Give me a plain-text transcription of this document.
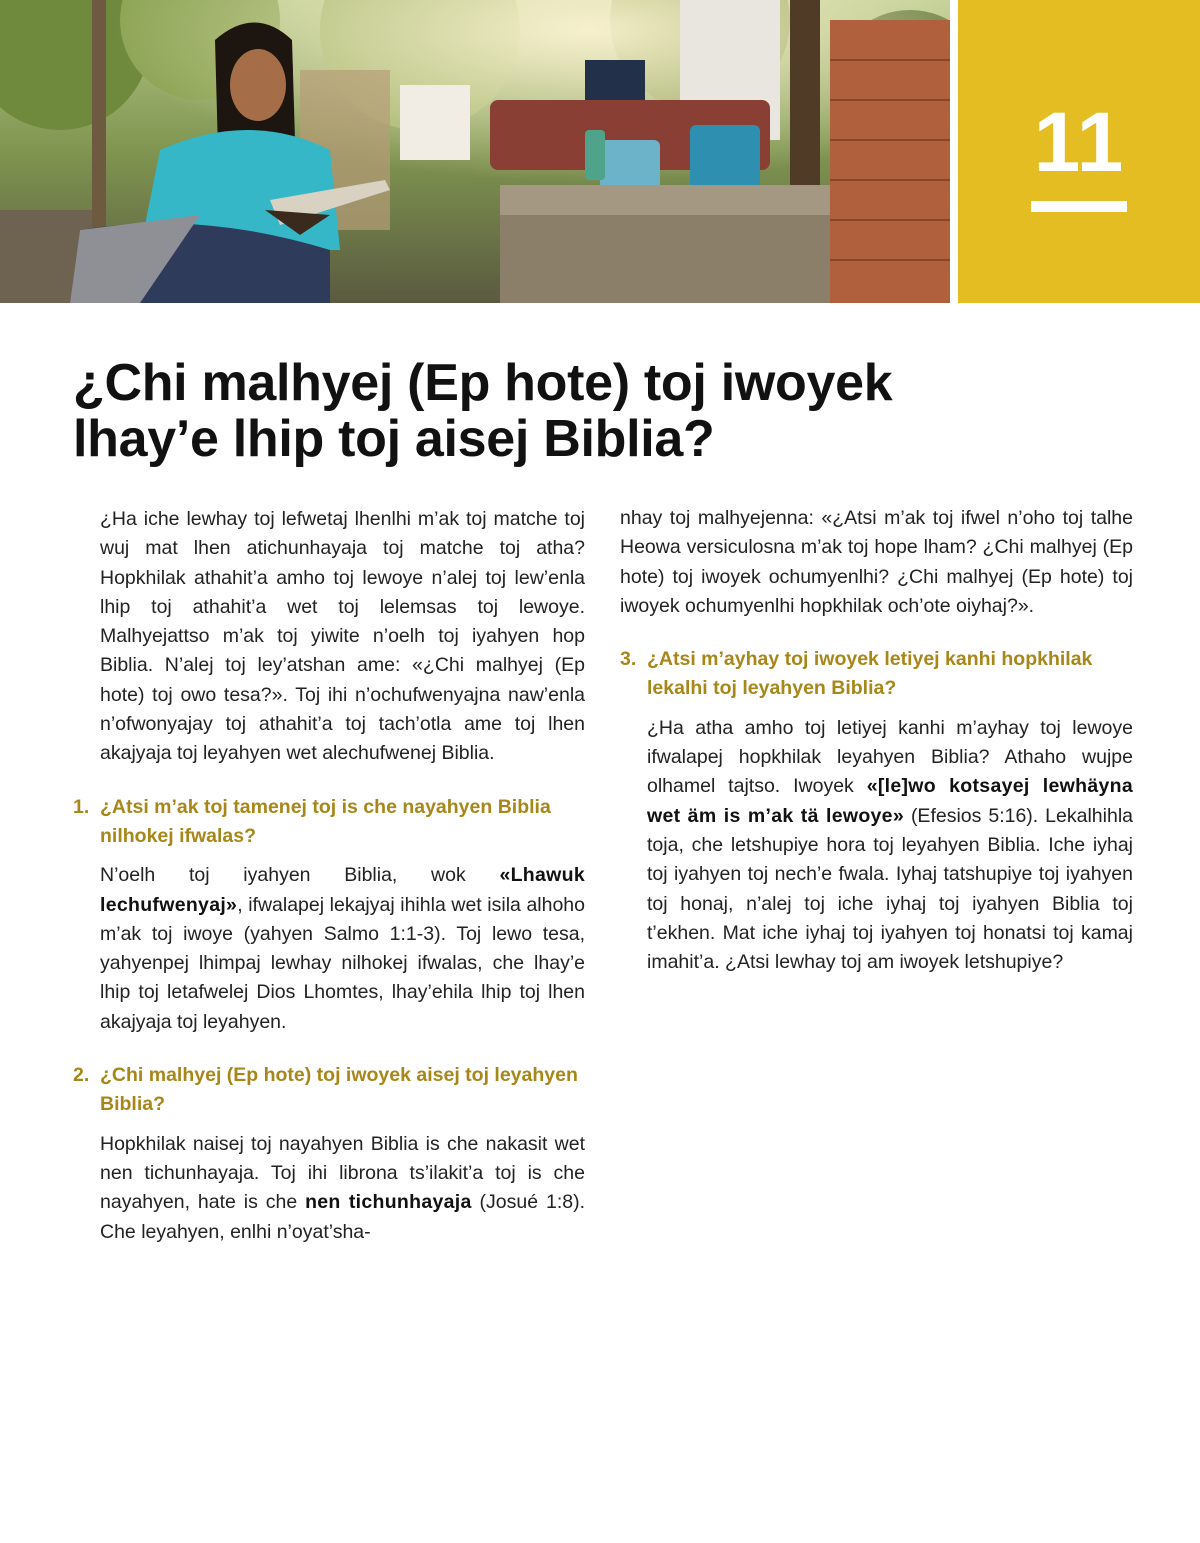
11
¿Chi malhyej (Ep hote) toj iwoyek
lhay’e lhip toj aisej Biblia?

¿Ha iche lewhay toj lefwetaj lhenlhi m’ak toj matche toj wuj mat lhen atichunhayaja toj matche toj atha? Hopkhilak athahit’a amho toj lewoye n’alej toj lew’enla lhip toj athahit’a wet toj lelemsas toj lewoye. Malhyejattso m’ak toj yiwite n’oelh toj iyahyen hop Biblia. N’alej toj ley’atshan ame: «¿Chi malhyej (Ep hote) toj owo tesa?». Toj ihi n’ochufwenyajna naw’enla n’ofwonyajay toj athahit’a toj tach’otla ame toj lhen akajyaja toj leyahyen wet alechufwenej Biblia.

1. ¿Atsi m’ak toj tamenej toj is che nayahyen Biblia nilhokej ifwalas?

N’oelh toj iyahyen Biblia, wok «Lhawuk lechufwenyaj», ifwalapej lekajyaj ihihla wet isila alhoho m’ak toj iwoye (yahyen Salmo 1:1-3). Toj lewo tesa, yahyenpej lhimpaj lewhay nilhokej ifwalas, che lhay’e lhip toj letafwelej Dios Lhomtes, lhay’ehila lhip toj lhen akajyaja toj leyahyen.

2. ¿Chi malhyej (Ep hote) toj iwoyek aisej toj leyahyen Biblia?

Hopkhilak naisej toj nayahyen Biblia is che nakasit wet nen tichunhayaja. Toj ihi librona ts’ilakit’a toj is che nayahyen, hate is che nen tichunhayaja (Josué 1:8). Che leyahyen, enlhi n’oyat’sha-

nhay toj malhyejenna: «¿Atsi m’ak toj ifwel n’oho toj talhe Heowa versiculosna m’ak toj hope lham? ¿Chi malhyej (Ep hote) toj iwoyek ochumyenlhi? ¿Chi malhyej (Ep hote) toj iwoyek ochumyenlhi hopkhilak och’ote oiyhaj?».

3. ¿Atsi m’ayhay toj iwoyek letiyej kanhi hopkhilak lekalhi toj leyahyen Biblia?

¿Ha atha amho toj letiyej kanhi m’ayhay toj lewoye ifwalapej hopkhilak leyahyen Biblia? Athaho wujpe olhamel tajtso. Iwoyek «[le]wo kotsayej lewhäyna wet äm is m’ak tä lewoye» (Efesios 5:16). Lekalhihla toja, che letshupiye hora toj leyahyen Biblia. Iche iyhaj toj iyahyen toj nech’e fwala. Iyhaj tatshupiye toj iyahyen toj honaj, n’alej toj iche iyhaj toj iyahyen Biblia toj t’ekhen. Mat iche iyhaj toj iyahyen toj honatsi toj kamaj imahit’a. ¿Atsi lewhay toj am iwoyek letshupiye?
